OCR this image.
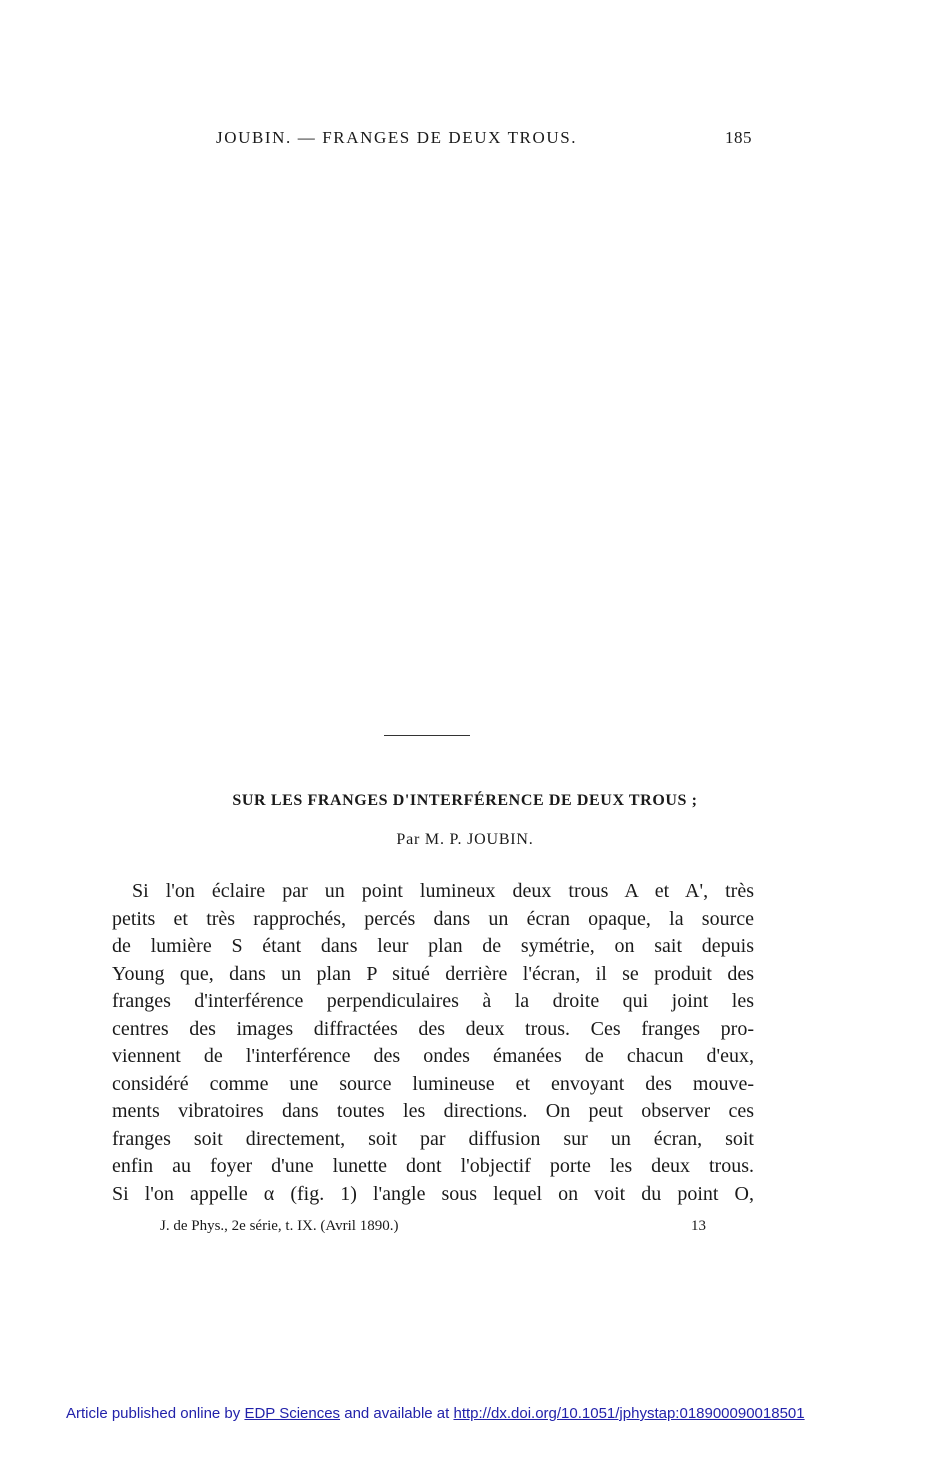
JOUBIN. — FRANGES DE DEUX TROUS.	185
SUR LES FRANGES D'INTERFÉRENCE DE DEUX TROUS ;
Par M. P. JOUBIN.
Si l'on éclaire par un point lumineux deux trous A et A', très
petits et très rapprochés, percés dans un écran opaque, la source
de lumière S étant dans leur plan de symétrie, on sait depuis
Young que, dans un plan P situé derrière l'écran, il se produit des
franges d'interférence perpendiculaires à la droite qui joint les
centres des images diffractées des deux trous. Ces franges pro-
viennent de l'interférence des ondes émanées de chacun d'eux,
considéré comme une source lumineuse et envoyant des mouve-
ments vibratoires dans toutes les directions. On peut observer ces
franges soit directement, soit par diffusion sur un écran, soit
enfin au foyer d'une lunette dont l'objectif porte les deux trous.
Si l'on appelle α (fig. 1) l'angle sous lequel on voit du point O,
J. de Phys., 2e série, t. IX. (Avril 1890.)	13
Article published online by EDP Sciences and available at http://dx.doi.org/10.1051/jphystap:018900090018501
